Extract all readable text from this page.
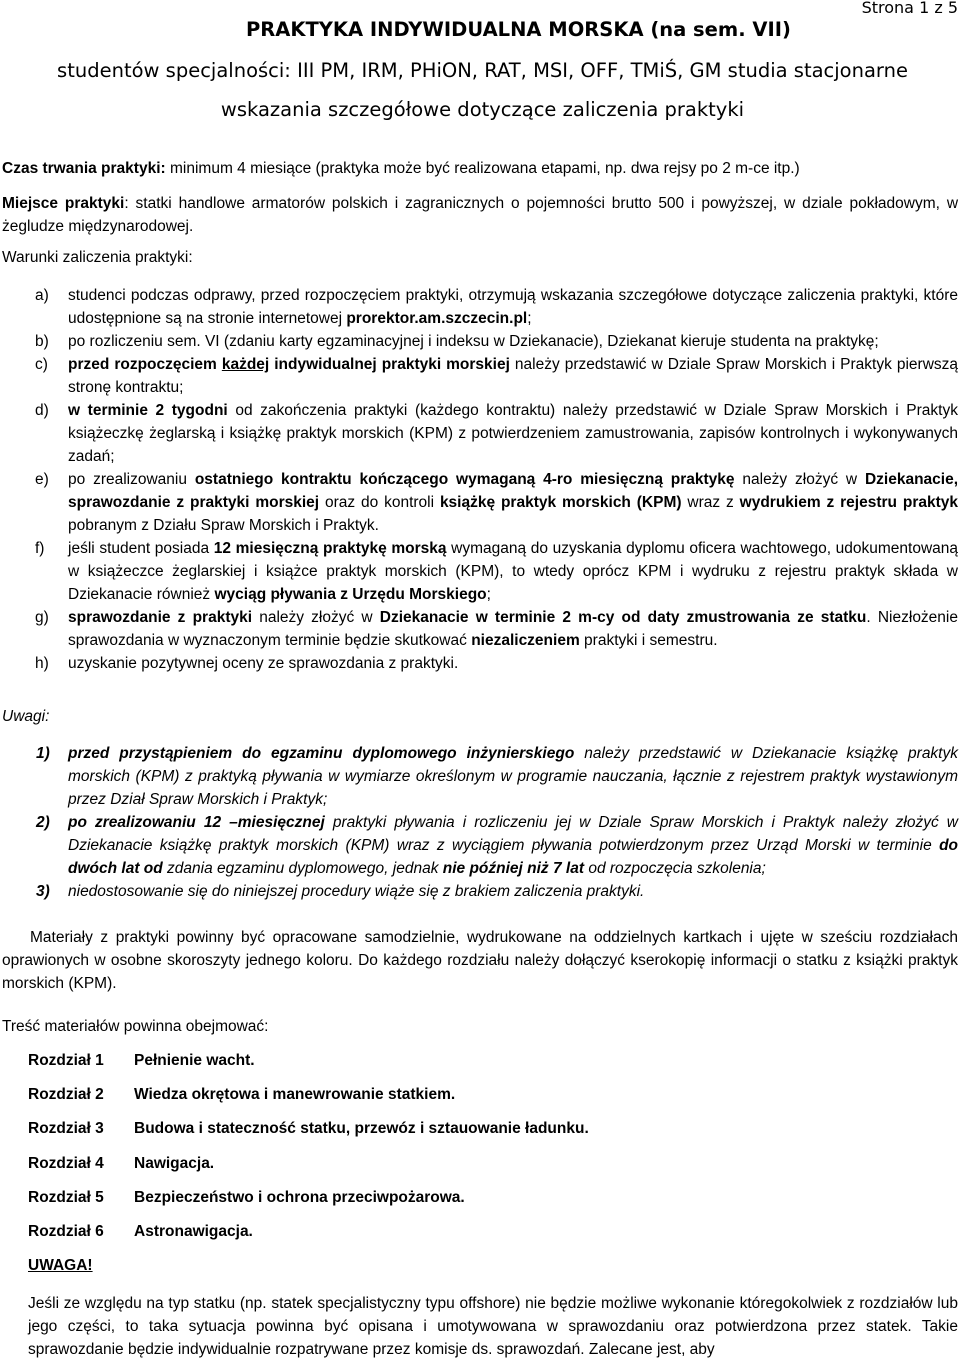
PRAKTYKA INDYWIDUALNA MORSKA (na sem. VII)
Strona 1 z 5
studentów specjalności: III PM, IRM, PHiON, RAT, MSI, OFF, TMiŚ, GM studia stacjonarne
wskazania szczegółowe dotyczące zaliczenia praktyki
Czas trwania praktyki: minimum 4 miesiące (praktyka może być realizowana etapami, np. dwa rejsy po 2 m-ce itp.)
Miejsce praktyki: statki handlowe armatorów polskich i zagranicznych o pojemności brutto 500 i powyższej, w dziale pokładowym, w żegludze międzynarodowej.
Warunki zaliczenia praktyki:
a)	studenci podczas odprawy, przed rozpoczęciem praktyki, otrzymują wskazania szczegółowe dotyczące zaliczenia praktyki, które udostępnione są na stronie internetowej prorektor.am.szczecin.pl;
b)	po rozliczeniu sem. VI (zdaniu karty egzaminacyjnej i indeksu w Dziekanacie), Dziekanat kieruje studenta na praktykę;
c)	przed rozpoczęciem każdej indywidualnej praktyki morskiej należy przedstawić w Dziale Spraw Morskich i Praktyk pierwszą stronę kontraktu;
d)	w terminie 2 tygodni od zakończenia praktyki (każdego kontraktu) należy przedstawić w Dziale Spraw Morskich i Praktyk książeczkę żeglarską i książkę praktyk morskich (KPM) z potwierdzeniem zamustrowania, zapisów kontrolnych i wykonywanych zadań;
e)	po zrealizowaniu ostatniego kontraktu kończącego wymaganą 4-ro miesięczną praktykę należy złożyć w Dziekanacie, sprawozdanie z praktyki morskiej oraz do kontroli książkę praktyk morskich (KPM) wraz z wydrukiem z rejestru praktyk pobranym z Działu Spraw Morskich i Praktyk.
f)	jeśli student posiada 12 miesięczną praktykę morską wymaganą do uzyskania dyplomu oficera wachtowego, udokumentowaną w książeczce żeglarskiej i książce praktyk morskich (KPM), to wtedy oprócz KPM i wydruku z rejestru praktyk składa w Dziekanacie również wyciąg pływania z Urzędu Morskiego;
g)	sprawozdanie z praktyki należy złożyć w Dziekanacie w terminie 2 m-cy od daty zmustrowania ze statku. Niezłożenie sprawozdania w wyznaczonym terminie będzie skutkować niezaliczeniem praktyki i semestru.
h)	uzyskanie pozytywnej oceny ze sprawozdania z praktyki.
Uwagi:
1)	przed przystąpieniem do egzaminu dyplomowego inżynierskiego należy przedstawić w Dziekanacie książkę praktyk morskich (KPM) z praktyką pływania w wymiarze określonym w programie nauczania, łącznie z rejestrem praktyk wystawionym przez Dział Spraw Morskich i Praktyk;
2)	po zrealizowaniu 12 –miesięcznej praktyki pływania i rozliczeniu jej w Dziale Spraw Morskich i Praktyk należy złożyć w Dziekanacie książkę praktyk morskich (KPM) wraz z wyciągiem pływania potwierdzonym przez Urząd Morski w terminie do dwóch lat od zdania egzaminu dyplomowego, jednak nie później niż 7 lat od rozpoczęcia szkolenia;
3)	niedostosowanie się do niniejszej procedury wiąże się z brakiem zaliczenia praktyki.
Materiały z praktyki powinny być opracowane samodzielnie, wydrukowane na oddzielnych kartkach i ujęte w sześciu rozdziałach oprawionych w osobne skoroszyty jednego koloru. Do każdego rozdziału należy dołączyć kserokopię informacji o statku z książki praktyk morskich (KPM).
Treść materiałów powinna obejmować:
Rozdział 1	Pełnienie wacht.
Rozdział 2	Wiedza okrętowa i manewrowanie statkiem.
Rozdział 3	Budowa i stateczność statku, przewóz i sztauowanie ładunku.
Rozdział 4	Nawigacja.
Rozdział 5	Bezpieczeństwo i ochrona przeciwpożarowa.
Rozdział 6	Astronawigacja.
UWAGA!
Jeśli ze względu na typ statku (np. statek specjalistyczny typu offshore) nie będzie możliwe wykonanie któregokolwiek z rozdziałów lub jego części, to taka sytuacja powinna być opisana i umotywowana w sprawozdaniu oraz potwierdzona przez statek. Takie sprawozdanie będzie indywidualnie rozpatrywane przez komisje ds. sprawozdań. Zalecane jest, aby
